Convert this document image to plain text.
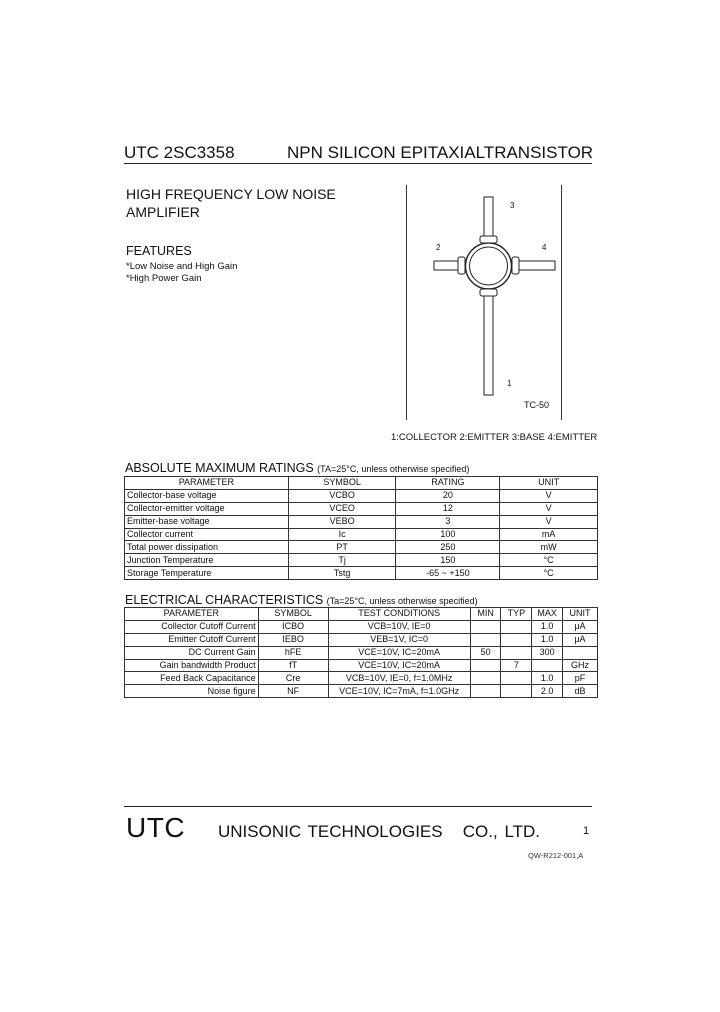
UTC 2SC3358	NPN SILICON EPITAXIALTRANSISTOR
HIGH FREQUENCY LOW NOISE
AMPLIFIER
FEATURES
*Low Noise and High Gain
*High Power Gain
3
2	4
1
TC-50
1:COLLECTOR 2:EMITTER 3:BASE 4:EMITTER
ABSOLUTE MAXIMUM RATINGS (TA=25°C, unless otherwise specified)
PARAMETER	SYMBOL	RATING	UNIT
Collector-base voltage	VCBO	20	V
Collector-emitter voltage	VCEO	12	V
Emitter-base voltage	VEBO	3	V
Collector current	Ic	100	mA
Total power dissipation	PT	250	mW
Junction Temperature	Tj	150	°C
Storage Temperature	Tstg	-65 ~ +150	°C
ELECTRICAL CHARACTERISTICS (Ta=25°C, unless otherwise specified)
PARAMETER	SYMBOL	TEST CONDITIONS	MIN	TYP	MAX	UNIT
Collector Cutoff Current	ICBO	VCB=10V, IE=0			1.0	μA
Emitter Cutoff Current	IEBO	VEB=1V, IC=0			1.0	μA
DC Current Gain	hFE	VCE=10V, IC=20mA	50		300	
Gain bandwidth Product	fT	VCE=10V, IC=20mA		7		GHz
Feed Back Capacitance	Cre	VCB=10V, IE=0, f=1.0MHz			1.0	pF
Noise figure	NF	VCE=10V, IC=7mA, f=1.0GHz			2.0	dB
UTC UNISONIC TECHNOLOGIES   CO., LTD.	1
QW-R212-001,A
